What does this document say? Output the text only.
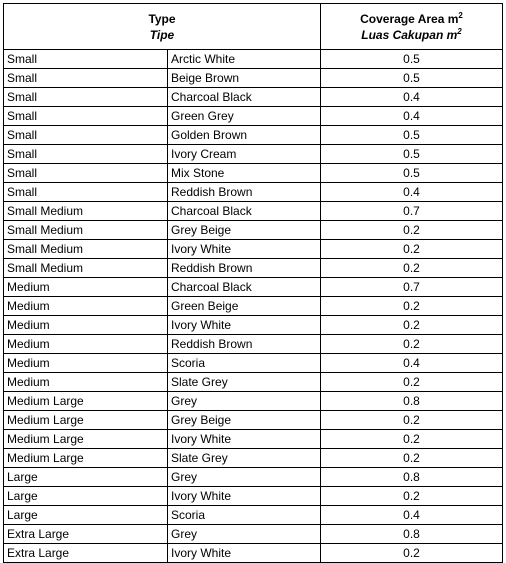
Type
Tipe		Coverage Area $m^2$
Luas Cakupan $m^2$

Small	Arctic White	0.5
Small	Beige Brown	0.5
Small	Charcoal Black	0.4
Small	Green Grey	0.4
Small	Golden Brown	0.5
Small	Ivory Cream	0.5
Small	Mix Stone	0.5
Small	Reddish Brown	0.4
Small Medium	Charcoal Black	0.7
Small Medium	Grey Beige	0.2
Small Medium	Ivory White	0.2
Small Medium	Reddish Brown	0.2
Medium	Charcoal Black	0.7
Medium	Green Beige	0.2
Medium	Ivory White	0.2
Medium	Reddish Brown	0.2
Medium	Scoria	0.4
Medium	Slate Grey	0.2
Medium Large	Grey	0.8
Medium Large	Grey Beige	0.2
Medium Large	Ivory White	0.2
Medium Large	Slate Grey	0.2
Large	Grey	0.8
Large	Ivory White	0.2
Large	Scoria	0.4
Extra Large	Grey	0.8
Extra Large	Ivory White	0.2
